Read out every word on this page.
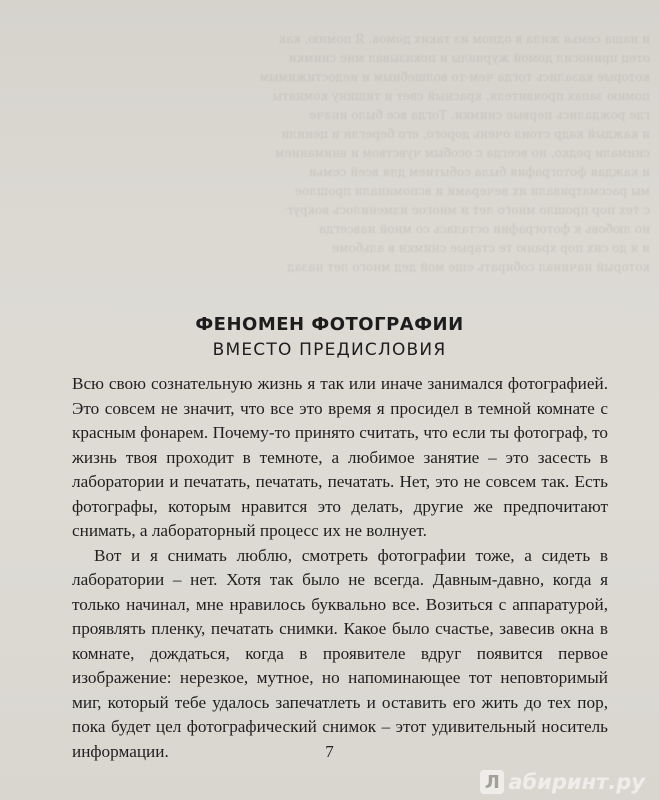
и наша семья жила в одном из таких домов. Я помню, как

отец приносил домой журналы и показывал мне снимки

которые казались тогда чем-то волшебным и недостижимым

помню запах проявителя, красный свет и тишину комнаты

где рождались первые снимки. Тогда все было иначе

и каждый кадр стоил очень дорого, его берегли и ценили

снимали редко, но всегда с особым чувством и вниманием

и каждая фотография была событием для всей семьи

мы рассматривали их вечерами и вспоминали прошлое

с тех пор прошло много лет и многое изменилось вокруг

но любовь к фотографии осталась со мной навсегда

и я до сих пор храню те старые снимки в альбоме

который начинал собирать еще мой дед много лет назад

ФЕНОМЕН ФОТОГРАФИИ
ВМЕСТО ПРЕДИСЛОВИЯ

Всю свою сознательную жизнь я так или иначе занимался фотографией. Это совсем не значит, что все это время я просидел в темной комнате с красным фонарем. Почему-то принято считать, что если ты фотограф, то жизнь твоя проходит в темноте, а любимое занятие – это засесть в лаборатории и печатать, печатать, печатать. Нет, это не совсем так. Есть фотографы, которым нравится это делать, другие же предпочитают снимать, а лабораторный процесс их не волнует.

Вот и я снимать люблю, смотреть фотографии тоже, а сидеть в лаборатории – нет. Хотя так было не всегда. Давным-давно, когда я только начинал, мне нравилось буквально все. Возиться с аппаратурой, проявлять пленку, печатать снимки. Какое было счастье, завесив окна в комнате, дождаться, когда в проявителе вдруг появится первое изображение: нерезкое, мутное, но напоминающее тот неповторимый миг, который тебе удалось запечатлеть и оставить его жить до тех пор, пока будет цел фотографический снимок – этот удивительный носитель информации.	7
Л абиринт.ру
